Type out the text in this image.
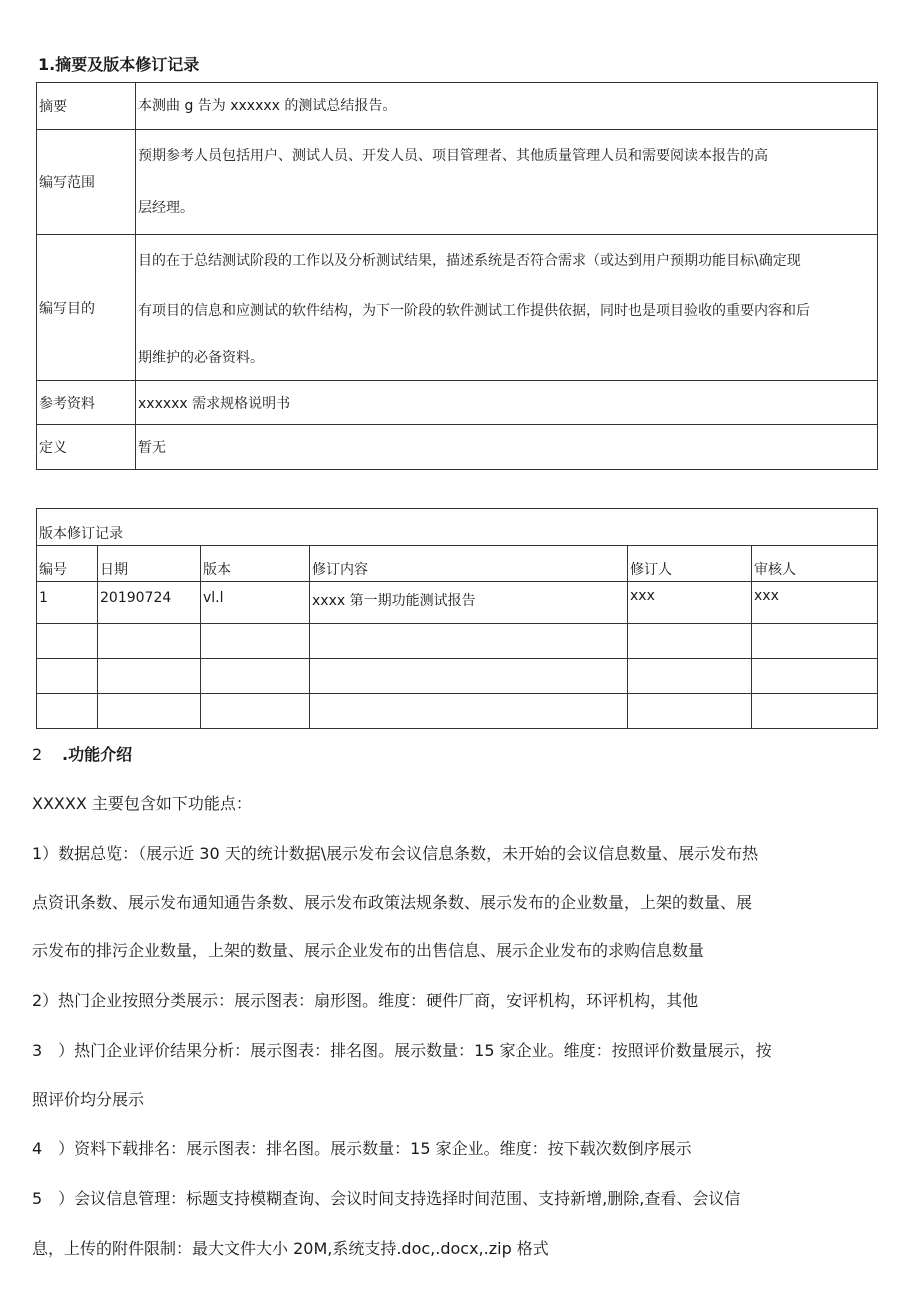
1.摘要及版本修订记录
摘要	本测曲 g 告为 xxxxxx 的测试总结报告。

编写范围	预期参考人员包括用户、测试人员、开发人员、项目管理者、其他质量管理人员和需要阅读本报告的高
层经理。

编写目的	目的在于总结测试阶段的工作以及分析测试结果，描述系统是否符合需求（或达到用户预期功能目标\确定现
有项目的信息和应测试的软件结构，为下一阶段的软件测试工作提供依据，同时也是项目验收的重要内容和后
期维护的必备资料。

参考资料	xxxxxx 需求规格说明书
定义	暂无
版本修订记录					
编号	日期	版本	修订内容	修订人	审核人
1	20190724	vl.l	xxxx 第一期功能测试报告	xxx	xxx

2 .功能介绍
XXXXX 主要包含如下功能点：
1）数据总览：（展示近 30 天的统计数据\展示发布会议信息条数，未开始的会议信息数量、展示发布热
点资讯条数、展示发布通知通告条数、展示发布政策法规条数、展示发布的企业数量，上架的数量、展
示发布的排污企业数量，上架的数量、展示企业发布的出售信息、展示企业发布的求购信息数量
2）热门企业按照分类展示：展示图表：扇形图。维度：硬件厂商，安评机构，环评机构，其他
3　）热门企业评价结果分析：展示图表：排名图。展示数量：15 家企业。维度：按照评价数量展示，按
照评价均分展示
4　）资料下载排名：展示图表：排名图。展示数量：15 家企业。维度：按下载次数倒序展示
5　）会议信息管理：标题支持模糊查询、会议时间支持选择时间范围、支持新增,删除,查看、会议信
息，上传的附件限制：最大文件大小 20M,系统支持.doc,.docx,.zip 格式
